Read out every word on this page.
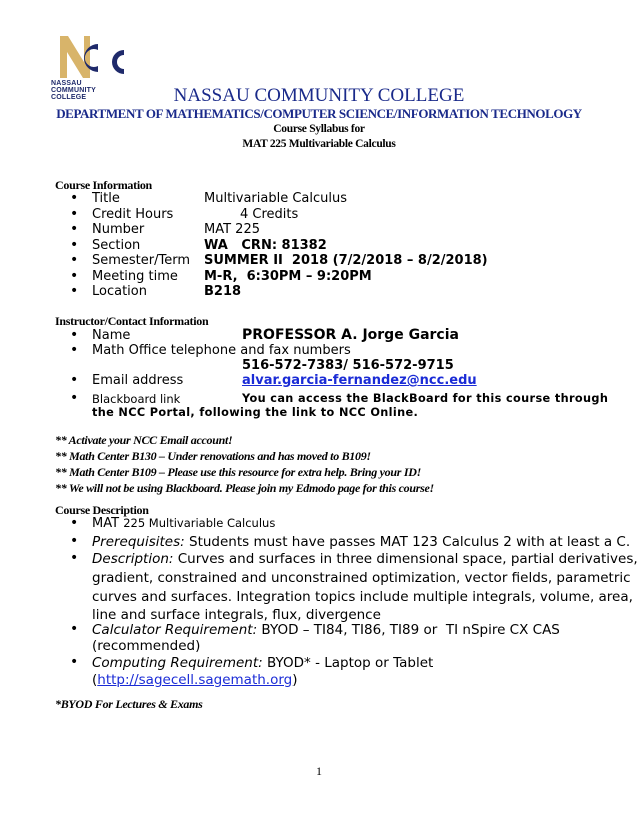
NASSAU
COMMUNITY
COLLEGE	NASSAU COMMUNITY COLLEGE
DEPARTMENT OF MATHEMATICS/COMPUTER SCIENCE/INFORMATION TECHNOLOGY
Course Syllabus for
MAT 225 Multivariable Calculus
Course Information
• Title	Multivariable Calculus
• Credit Hours	4 Credits
• Number	MAT 225
• Section	WA   CRN: 81382
• Semester/Term SUMMER II  2018 (7/2/2018 – 8/2/2018)
• Meeting time M-R,  6:30PM – 9:20PM
• Location	B218
Instructor/Contact Information
• Name	PROFESSOR A. Jorge Garcia
• Math Office telephone and fax numbers
516-572-7383/ 516-572-9715
• Email address	alvar.garcia-fernandez@ncc.edu
• Blackboard link	You can access the BlackBoard for this course through
the NCC Portal, following the link to NCC Online.
** Activate your NCC Email account!
** Math Center B130 – Under renovations and has moved to B109!
** Math Center B109 – Please use this resource for extra help. Bring your ID!
** We will not be using Blackboard. Please join my Edmodo page for this course!
Course Description
• MAT 225 Multivariable Calculus
• Prerequisites: Students must have passes MAT 123 Calculus 2 with at least a C.
• Description: Curves and surfaces in three dimensional space, partial derivatives,
gradient, constrained and unconstrained optimization, vector fields, parametric
curves and surfaces. Integration topics include multiple integrals, volume, area,
line and surface integrals, flux, divergence
• Calculator Requirement: BYOD – TI84, TI86, TI89 or  TI nSpire CX CAS
(recommended)
• Computing Requirement: BYOD* - Laptop or Tablet
(http://sagecell.sagemath.org)
*BYOD For Lectures & Exams
1
